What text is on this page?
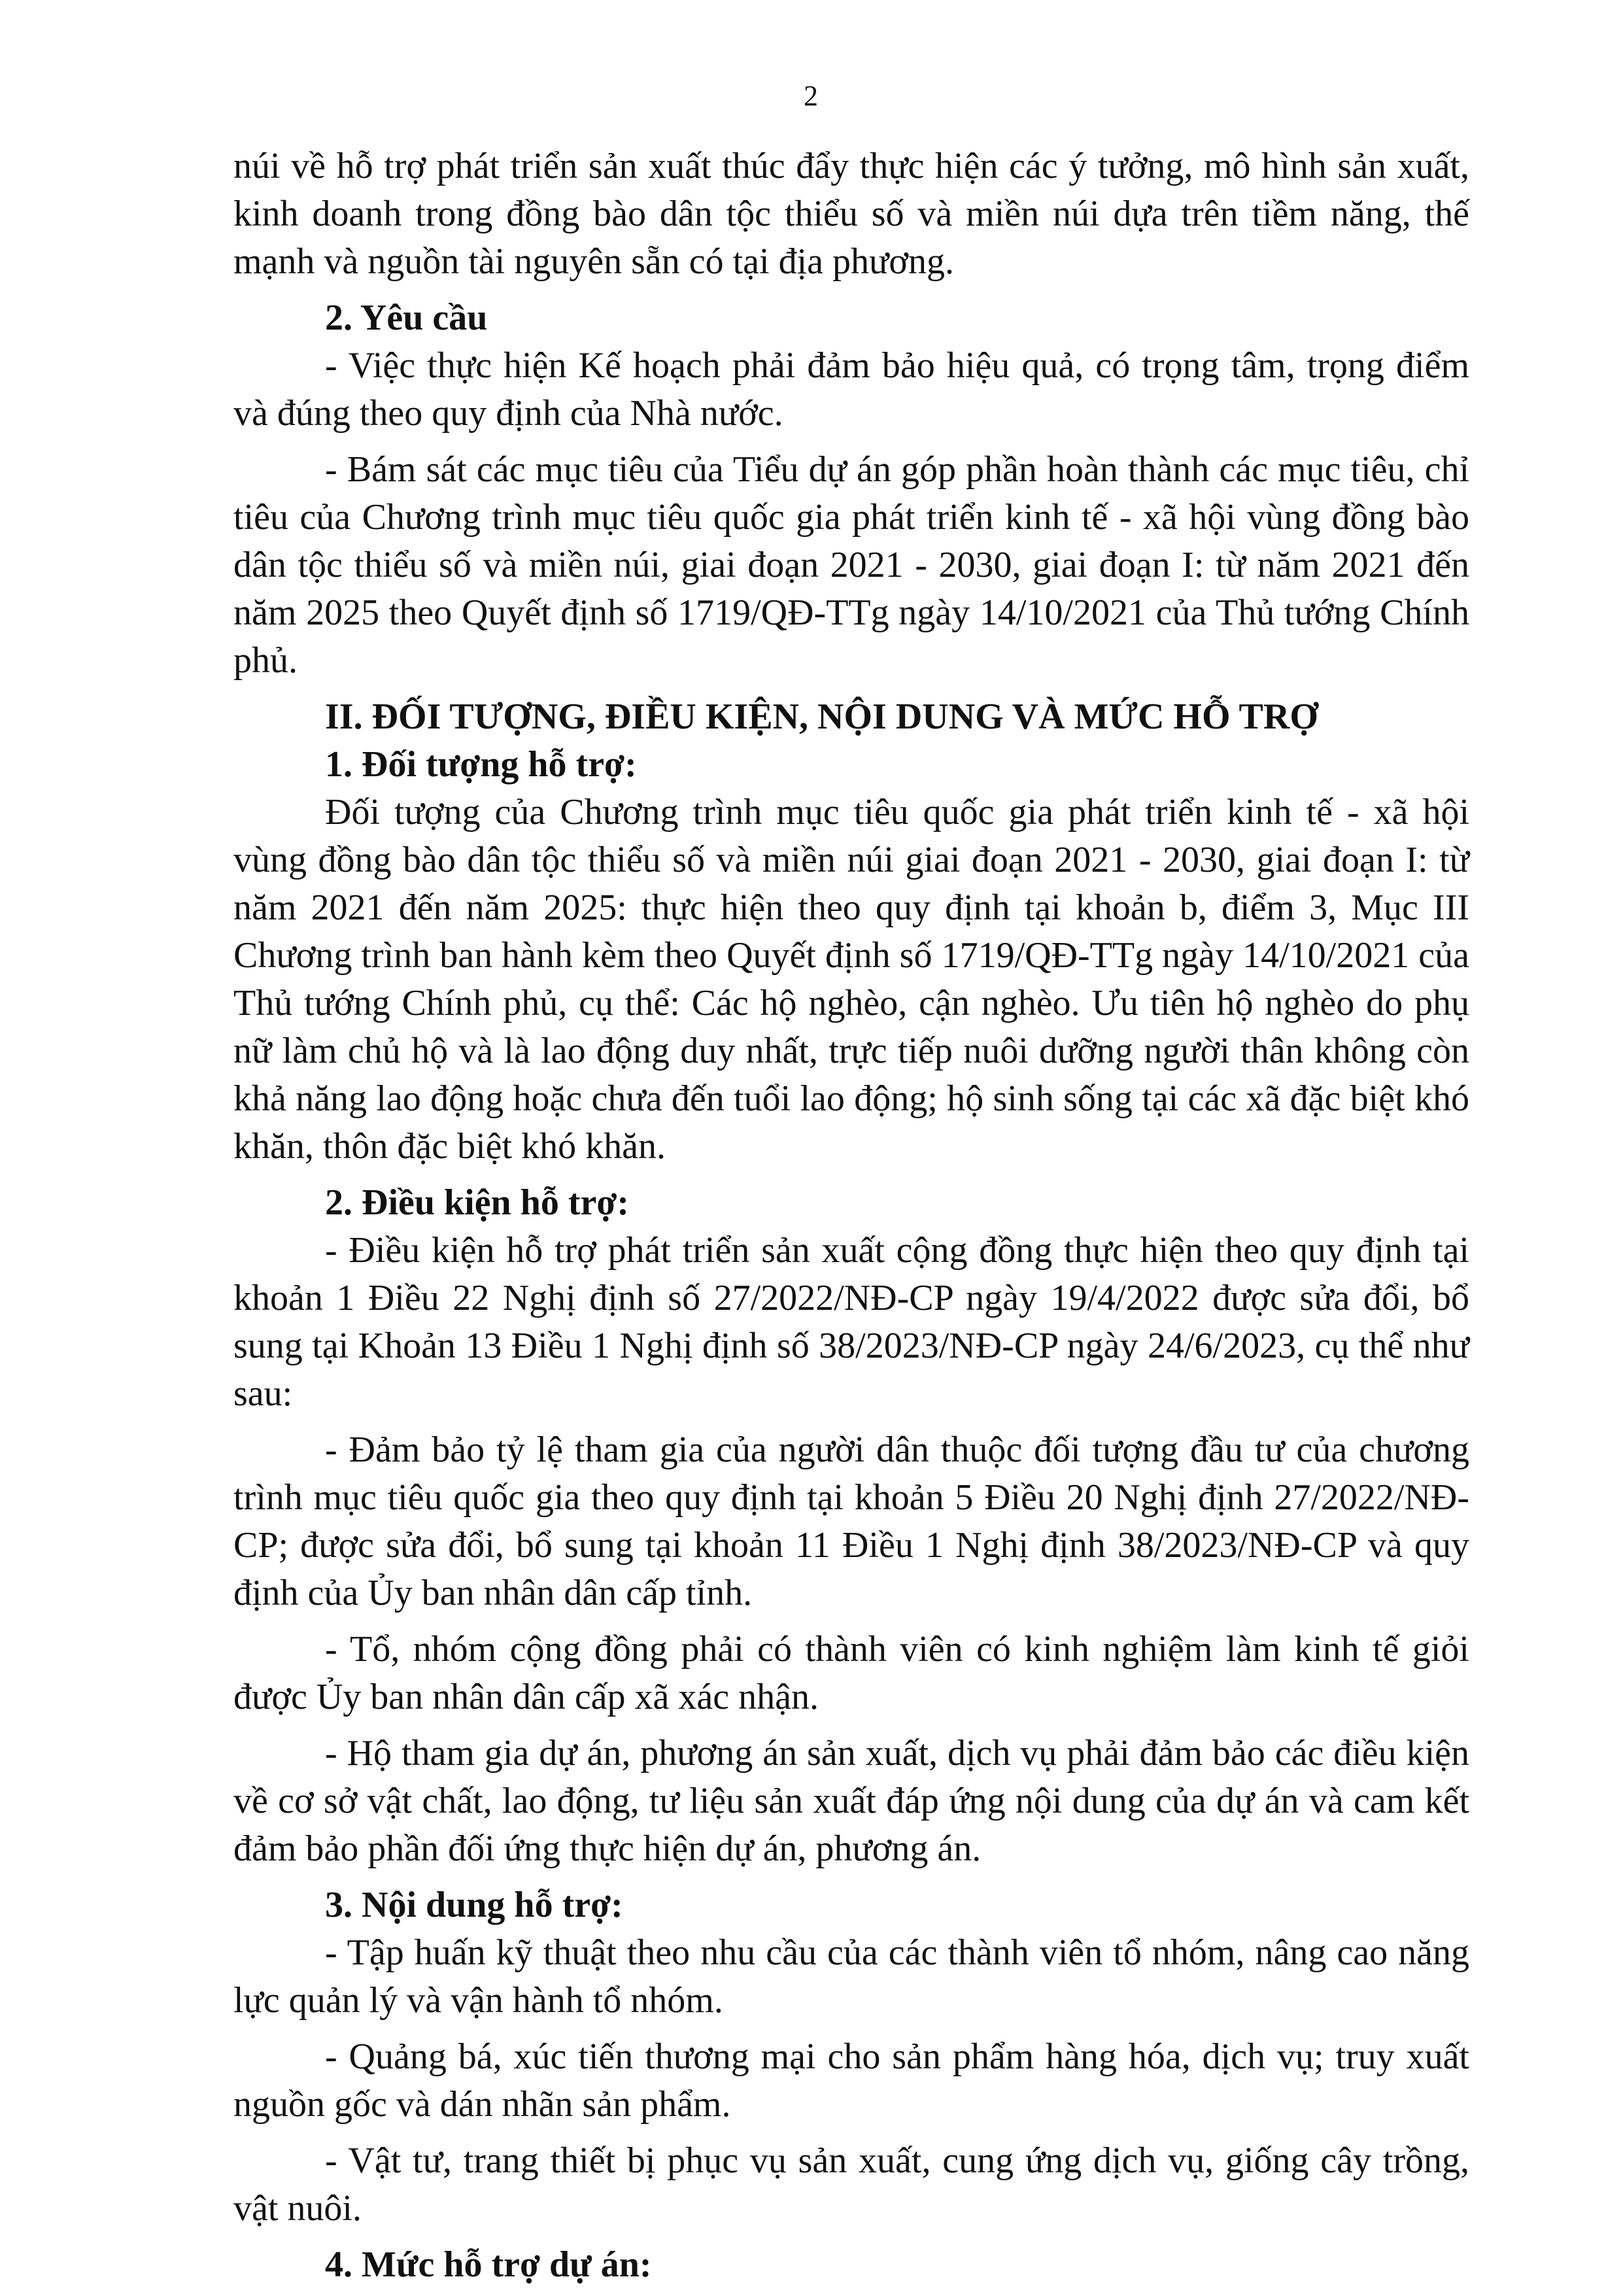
2

núi về hỗ trợ phát triển sản xuất thúc đẩy thực hiện các ý tưởng, mô hình sản xuất, kinh doanh trong đồng bào dân tộc thiểu số và miền núi dựa trên tiềm năng, thế mạnh và nguồn tài nguyên sẵn có tại địa phương.

2. Yêu cầu

- Việc thực hiện Kế hoạch phải đảm bảo hiệu quả, có trọng tâm, trọng điểm và đúng theo quy định của Nhà nước.

- Bám sát các mục tiêu của Tiểu dự án góp phần hoàn thành các mục tiêu, chỉ tiêu của Chương trình mục tiêu quốc gia phát triển kinh tế - xã hội vùng đồng bào dân tộc thiểu số và miền núi, giai đoạn 2021 - 2030, giai đoạn I: từ năm 2021 đến năm 2025 theo Quyết định số 1719/QĐ-TTg ngày 14/10/2021 của Thủ tướng Chính phủ.

II. ĐỐI TƯỢNG, ĐIỀU KIỆN, NỘI DUNG VÀ MỨC HỖ TRỢ

1. Đối tượng hỗ trợ:

Đối tượng của Chương trình mục tiêu quốc gia phát triển kinh tế - xã hội vùng đồng bào dân tộc thiểu số và miền núi giai đoạn 2021 - 2030, giai đoạn I: từ năm 2021 đến năm 2025: thực hiện theo quy định tại khoản b, điểm 3, Mục III Chương trình ban hành kèm theo Quyết định số 1719/QĐ-TTg ngày 14/10/2021 của Thủ tướng Chính phủ, cụ thể: Các hộ nghèo, cận nghèo. Ưu tiên hộ nghèo do phụ nữ làm chủ hộ và là lao động duy nhất, trực tiếp nuôi dưỡng người thân không còn khả năng lao động hoặc chưa đến tuổi lao động; hộ sinh sống tại các xã đặc biệt khó khăn, thôn đặc biệt khó khăn.

2. Điều kiện hỗ trợ:

- Điều kiện hỗ trợ phát triển sản xuất cộng đồng thực hiện theo quy định tại khoản 1 Điều 22 Nghị định số 27/2022/NĐ-CP ngày 19/4/2022 được sửa đổi, bổ sung tại Khoản 13 Điều 1 Nghị định số 38/2023/NĐ-CP ngày 24/6/2023, cụ thể như sau:

- Đảm bảo tỷ lệ tham gia của người dân thuộc đối tượng đầu tư của chương trình mục tiêu quốc gia theo quy định tại khoản 5 Điều 20 Nghị định 27/2022/NĐ-CP; được sửa đổi, bổ sung tại khoản 11 Điều 1 Nghị định 38/2023/NĐ-CP và quy định của Ủy ban nhân dân cấp tỉnh.

- Tổ, nhóm cộng đồng phải có thành viên có kinh nghiệm làm kinh tế giỏi được Ủy ban nhân dân cấp xã xác nhận.

- Hộ tham gia dự án, phương án sản xuất, dịch vụ phải đảm bảo các điều kiện về cơ sở vật chất, lao động, tư liệu sản xuất đáp ứng nội dung của dự án và cam kết đảm bảo phần đối ứng thực hiện dự án, phương án.

3. Nội dung hỗ trợ:

- Tập huấn kỹ thuật theo nhu cầu của các thành viên tổ nhóm, nâng cao năng lực quản lý và vận hành tổ nhóm.

- Quảng bá, xúc tiến thương mại cho sản phẩm hàng hóa, dịch vụ; truy xuất nguồn gốc và dán nhãn sản phẩm.

- Vật tư, trang thiết bị phục vụ sản xuất, cung ứng dịch vụ, giống cây trồng, vật nuôi.

4. Mức hỗ trợ dự án:
